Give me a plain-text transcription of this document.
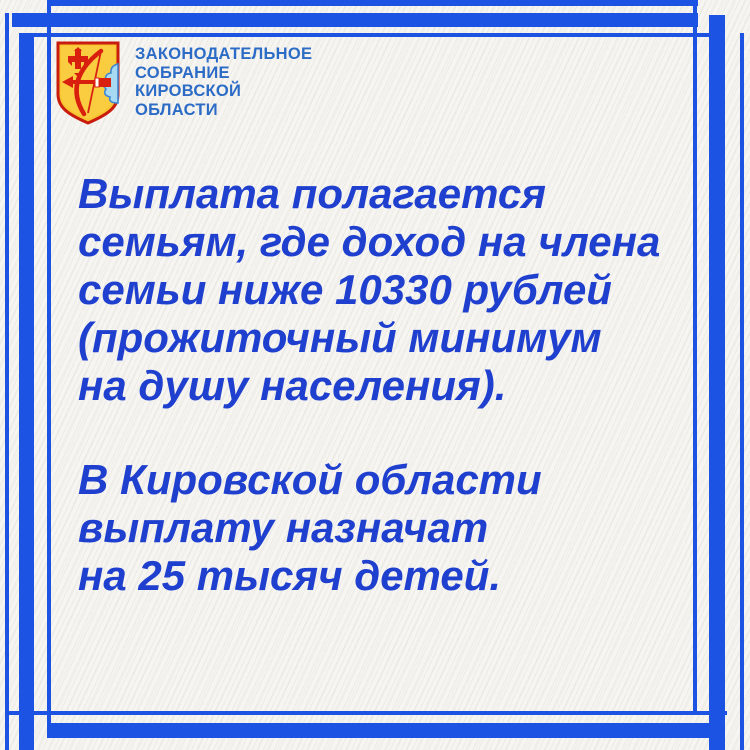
ЗАКОНОДАТЕЛЬНОЕ
СОБРАНИЕ
КИРОВСКОЙ
ОБЛАСТИ

Выплата полагается
семьям, где доход на члена
семьи ниже 10330 рублей
(прожиточный минимум
на душу населения).

В Кировской области
выплату назначат
на 25 тысяч детей.
